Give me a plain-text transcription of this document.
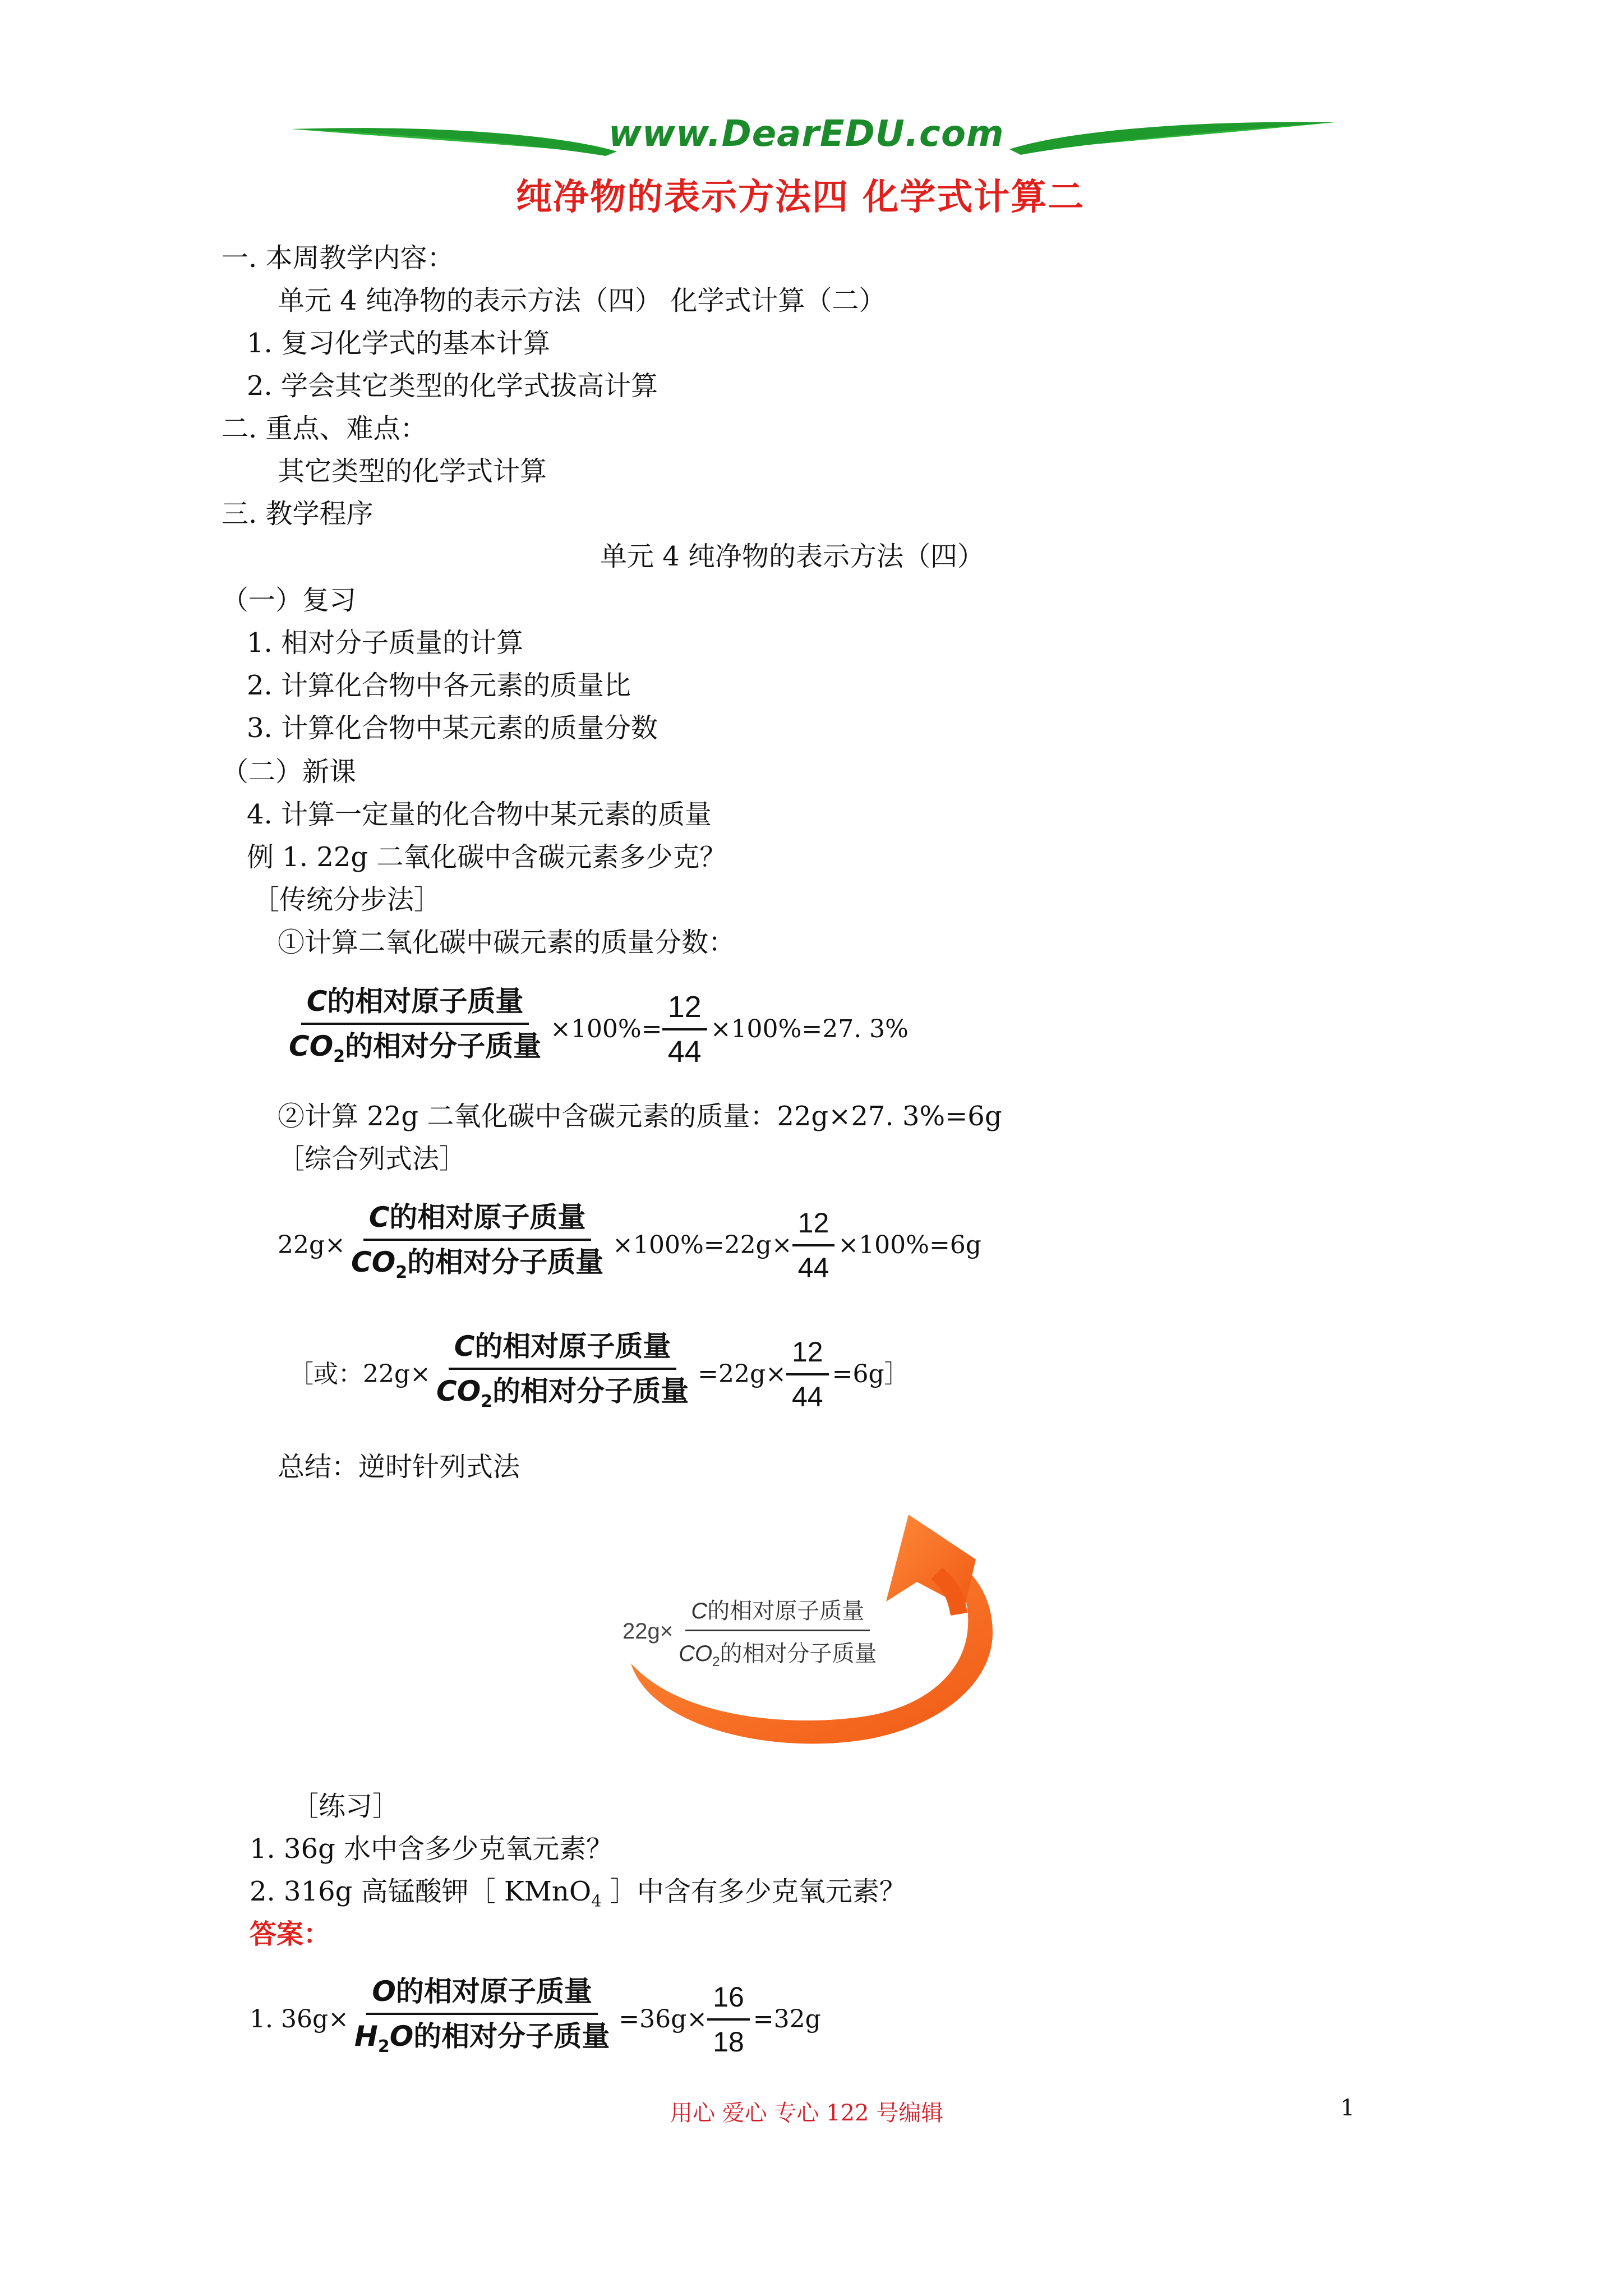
www.DearEDU.com
纯净物的表示方法四 化学式计算二
一. 本周教学内容：
单元 4 纯净物的表示方法（四） 化学式计算（二）
1. 复习化学式的基本计算
2. 学会其它类型的化学式拔高计算
二. 重点、难点：
其它类型的化学式计算
三. 教学程序
单元 4 纯净物的表示方法（四）
（一）复习
1. 相对分子质量的计算
2. 计算化合物中各元素的质量比
3. 计算化合物中某元素的质量分数
（二）新课
4. 计算一定量的化合物中某元素的质量
例 1. 22g 二氧化碳中含碳元素多少克？
［传统分步法］
①计算二氧化碳中碳元素的质量分数：
$\frac{\text{C的相对原子质量}}{CO_2的相对分子质量} \times 100\%= \frac{12}{44} \times 100\%=27$. 3%
②计算 22g 二氧化碳中含碳元素的质量：22g×27. 3%=6g
［综合列式法］
$22g\times \frac{\text{C的相对原子质量}}{CO_2的相对分子质量} \times 100\%=22g\times \frac{12}{44} \times 100\%=6g$
［或：$22g\times \frac{\text{C的相对原子质量}}{CO_2的相对分子质量} =22g\times \frac{12}{44}$ =6g］
总结：逆时针列式法
$22g\times \frac{\text{C的相对原子质量}}{CO_2的相对分子质量}$
［练习］
1. 36g 水中含多少克氧元素？
2. 316g 高锰酸钾［ KMnO$_4$ ］中含有多少克氧元素？
答案：
1. $36g\times \frac{\text{O的相对原子质量}}{H_2O的相对分子质量} =36g\times \frac{16}{18} =32g$
用心 爱心 专心 122 号编辑	1
